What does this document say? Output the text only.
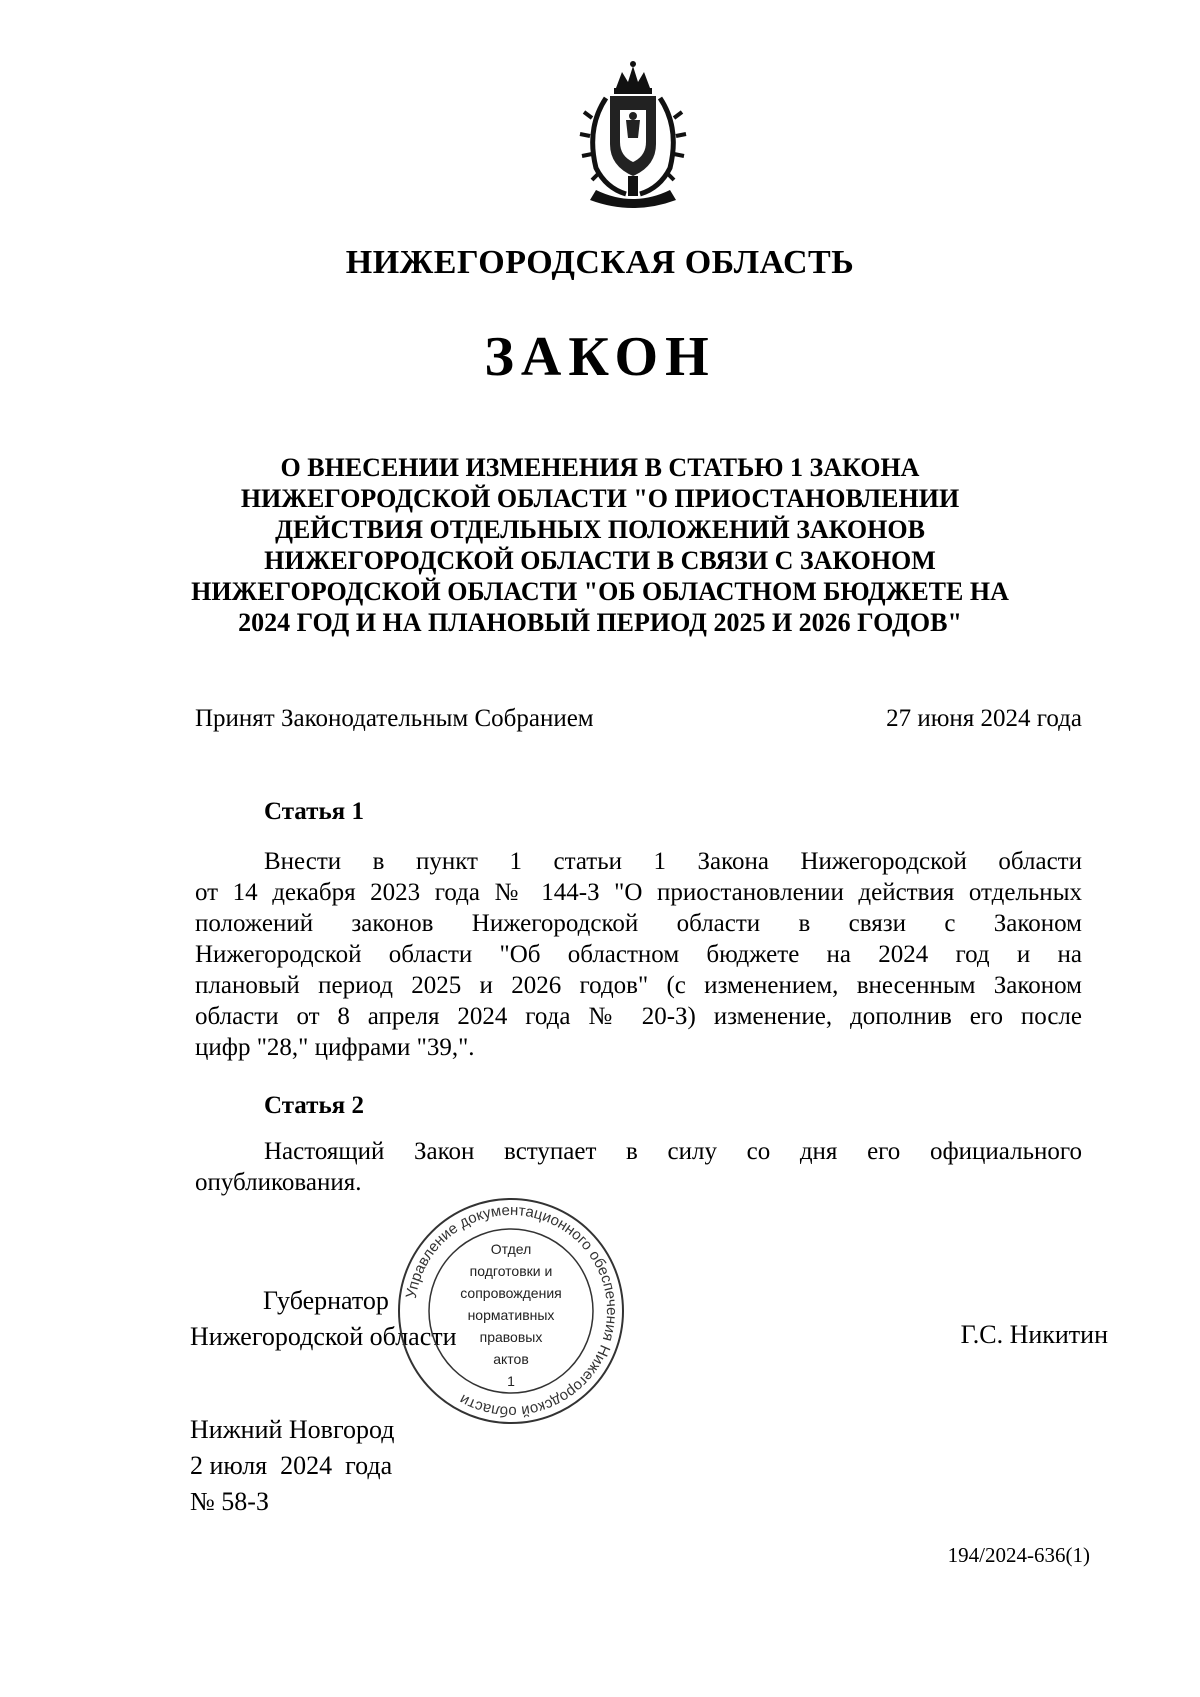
НИЖЕГОРОДСКАЯ ОБЛАСТЬ
ЗАКОН
О ВНЕСЕНИИ ИЗМЕНЕНИЯ В СТАТЬЮ 1 ЗАКОНА
НИЖЕГОРОДСКОЙ ОБЛАСТИ "О ПРИОСТАНОВЛЕНИИ
ДЕЙСТВИЯ ОТДЕЛЬНЫХ ПОЛОЖЕНИЙ ЗАКОНОВ
НИЖЕГОРОДСКОЙ ОБЛАСТИ В СВЯЗИ С ЗАКОНОМ
НИЖЕГОРОДСКОЙ ОБЛАСТИ "ОБ ОБЛАСТНОМ БЮДЖЕТЕ НА
2024 ГОД И НА ПЛАНОВЫЙ ПЕРИОД 2025 И 2026 ГОДОВ"
Принят Законодательным Собранием	27 июня 2024 года
Статья 1
Внести в пункт 1 статьи 1 Закона Нижегородской области
от 14 декабря 2023 года № 144-З "О приостановлении действия отдельных
положений законов Нижегородской области в связи с Законом
Нижегородской области "Об областном бюджете на 2024 год и на
плановый период 2025 и 2026 годов" (с изменением, внесенным Законом
области от 8 апреля 2024 года № 20-З) изменение, дополнив его после
цифр "28," цифрами "39,".
Статья 2
Настоящий Закон вступает в силу со дня его официального
опубликования.
Губернатор
Нижегородской области	Г.С. Никитин
Управление документационного обеспечения Нижегородской области
Отдел
подготовки и
сопровождения
нормативных
правовых
актов
1
Нижний Новгород
2 июля  2024  года
№ 58-З
194/2024-636(1)
